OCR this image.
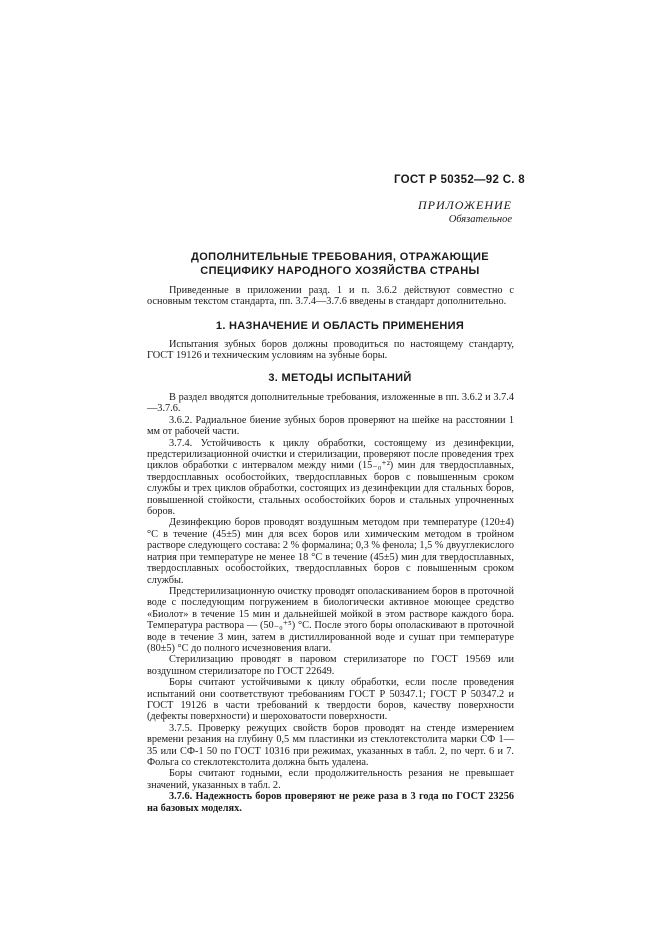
ГОСТ Р 50352—92 С. 8
ПРИЛОЖЕНИЕ
Обязательное
ДОПОЛНИТЕЛЬНЫЕ ТРЕБОВАНИЯ, ОТРАЖАЮЩИЕ
СПЕЦИФИКУ НАРОДНОГО ХОЗЯЙСТВА СТРАНЫ

Приведенные в приложении разд. 1 и п. 3.6.2 действуют совместно с основным текстом стандарта, пп. 3.7.4—3.7.6 введены в стандарт дополнительно.

1. НАЗНАЧЕНИЕ И ОБЛАСТЬ ПРИМЕНЕНИЯ

Испытания зубных боров должны проводиться по настоящему стандарту, ГОСТ 19126 и техническим условиям на зубные боры.

3. МЕТОДЫ ИСПЫТАНИЙ

В раздел вводятся дополнительные требования, изложенные в пп. 3.6.2 и 3.7.4—3.7.6.

3.6.2. Радиальное биение зубных боров проверяют на шейке на расстоянии 1 мм от рабочей части.

3.7.4. Устойчивость к циклу обработки, состоящему из дезинфекции, предстерилизационной очистки и стерилизации, проверяют после проведения трех циклов обработки с интервалом между ними (15₋₀⁺²) мин для твердосплавных, твердосплавных особостойких, твердосплавных боров с повышенным сроком службы и трех циклов обработки, состоящих из дезинфекции для стальных боров, повышенной стойкости, стальных особостойких боров и стальных упрочненных боров.

Дезинфекцию боров проводят воздушным методом при температуре (120±4) °С в течение (45±5) мин для всех боров или химическим методом в тройном растворе следующего состава: 2 % формалина; 0,3 % фенола; 1,5 % двууглекислого натрия при температуре не менее 18 °С в течение (45±5) мин для твердосплавных, твердосплавных особостойких, твердосплавных боров с повышенным сроком службы.

Предстерилизационную очистку проводят ополаскиванием боров в проточной воде с последующим погружением в биологически активное моющее средство «Биолот» в течение 15 мин и дальнейшей мойкой в этом растворе каждого бора. Температура раствора — (50₋₀⁺⁵) °С. После этого боры ополаскивают в проточной воде в течение 3 мин, затем в дистиллированной воде и сушат при температуре (80±5) °С до полного исчезновения влаги.

Стерилизацию проводят в паровом стерилизаторе по ГОСТ 19569 или воздушном стерилизаторе по ГОСТ 22649.

Боры считают устойчивыми к циклу обработки, если после проведения испытаний они соответствуют требованиям ГОСТ Р 50347.1; ГОСТ Р 50347.2 и ГОСТ 19126 в части требований к твердости боров, качеству поверхности (дефекты поверхности) и шероховатости поверхности.

3.7.5. Проверку режущих свойств боров проводят на стенде измерением времени резания на глубину 0,5 мм пластинки из стеклотекстолита марки СФ 1—35 или СФ-1 50 по ГОСТ 10316 при режимах, указанных в табл. 2, по черт. 6 и 7. Фольга со стеклотекстолита должна быть удалена.

Боры считают годными, если продолжительность резания не превышает значений, указанных в табл. 2.

3.7.6. Надежность боров проверяют не реже раза в 3 года по ГОСТ 23256 на базовых моделях.
